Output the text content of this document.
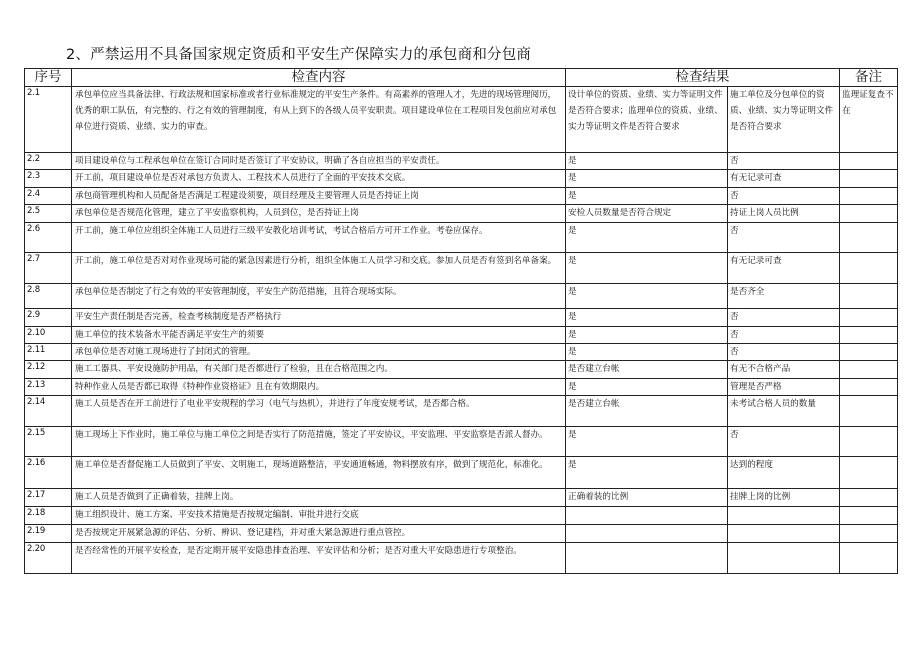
2、严禁运用不具备国家规定资质和平安生产保障实力的承包商和分包商
序号	检查内容	检查结果		备注
2.1	承包单位应当具备法律、行政法规和国家标准或者行业标准规定的平安生产条件。有高素养的管理人才，先进的现场管理阅历，优秀的职工队伍，有完整的、行之有效的管理制度，有从上到下的各级人员平安职责。项目建设单位在工程项目发包前应对承包单位进行资质、业绩、实力的审查。	设计单位的资质、业绩、实力等证明文件是否符合要求；监理单位的资质、业绩、实力等证明文件是否符合要求	施工单位及分包单位的资质、业绩、实力等证明文件是否符合要求	监理证复查不在
2.2	项目建设单位与工程承包单位在签订合同时是否签订了平安协议，明确了各自应担当的平安责任。	是	否	
2.3	开工前，项目建设单位是否对承包方负责人、工程技术人员进行了全面的平安技术交底。	是	有无记录可查	
2.4	承包商管理机构和人员配备是否满足工程建设须要，项目经理及主要管理人员是否持证上岗	是	否	
2.5	承包单位是否规范化管理，建立了平安监察机构，人员到位，是否持证上岗	安检人员数量是否符合规定	持证上岗人员比例	
2.6	开工前，施工单位应组织全体施工人员进行三级平安教化培训考试，考试合格后方可开工作业。考卷应保存。	是	否	
2.7	开工前，施工单位是否对对作业现场可能的紧急因素进行分析，组织全体施工人员学习和交底。参加人员是否有签到名单备案。	是	有无记录可查	
2.8	承包单位是否制定了行之有效的平安管理制度，平安生产防范措施，且符合现场实际。	是	是否齐全	
2.9	平安生产责任制是否完善，检查考核制度是否严格执行	是	否	
2.10	施工单位的技术装备水平能否满足平安生产的须要	是	否	
2.11	承包单位是否对施工现场进行了封闭式的管理。	是	否	
2.12	施工工器具、平安设施防护用品，有关部门是否都进行了检验，且在合格范围之内。	是否建立台帐	有无不合格产品	
2.13	特种作业人员是否都已取得《特种作业资格证》且在有效期限内。	是	管理是否严格	
2.14	施工人员是否在开工前进行了电业平安规程的学习（电气与热机），并进行了年度安规考试，是否都合格。	是否建立台帐	未考试合格人员的数量	
2.15	施工现场上下作业时，施工单位与施工单位之间是否实行了防范措施，签定了平安协议，平安监理、平安监察是否派人督办。	是	否	
2.16	施工单位是否督促施工人员做到了平安、文明施工，现场道路整洁，平安通道畅通，物料摆放有序，做到了规范化，标准化。	是	达到的程度	
2.17	施工人员是否做到了正确着装，挂牌上岗。	正确着装的比例	挂牌上岗的比例	
2.18	施工组织设计、施工方案、平安技术措施是否按规定编制、审批并进行交底			
2.19	是否按规定开展紧急源的评估、分析、辨识、登记建档，并对重大紧急源进行重点管控。			
2.20	是否经常性的开展平安检查，是否定期开展平安隐患排查治理、平安评估和分析；是否对重大平安隐患进行专项整治。			
